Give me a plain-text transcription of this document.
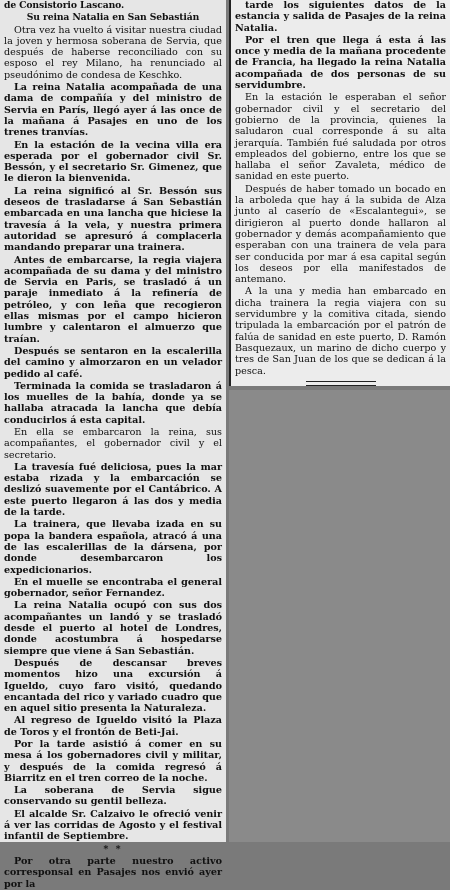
de Consistorio Lascano.
Su reina Natalia en San Sebastián

Otra vez ha vuelto á visitar nuestra ciudad la joven y hermosa soberana de Servia, que después de haberse reconciliado con su esposo el rey Milano, ha renunciado al pseudónimo de condesa de Keschko.

La reina Natalia acompañada de una dama de compañía y del ministro de Servia en París, llegó ayer á las once de la mañana á Pasajes en uno de los trenes tranvías.

En la estación de la vecina villa era esperada por el gobernador civil Sr. Bessón, y el secretario Sr. Gimenez, que le dieron la bienvenida.

La reina significó al Sr. Bessón sus deseos de trasladarse á San Sebastián embarcada en una lancha que hiciese la travesía á la vela, y nuestra primera autoridad se apresuró á complacerla mandando preparar una trainera.

Antes de embarcarse, la regia viajera acompañada de su dama y del ministro de Servia en Paris, se trasladó á un paraje inmediato á la refinería de petróleo, y con leña que recogieron ellas mismas por el campo hicieron lumbre y calentaron el almuerzo que traían.

Después se sentaron en la escalerilla del camino y almorzaron en un velador pedido al café.

Terminada la comida se trasladaron á los muelles de la bahía, donde ya se hallaba atracada la lancha que debía conducirlos á esta capital.

En ella se embarcaron la reina, sus acompañantes, el gobernador civil y el secretario.

La travesía fué deliciosa, pues la mar estaba rizada y la embarcación se deslizó suavemente por el Cantábrico. A este puerto llegaron á las dos y media de la tarde.

La trainera, que llevaba izada en su popa la bandera española, atracó á una de las escalerillas de la dársena, por donde desembarcaron los expedicionarios.

En el muelle se encontraba el general gobernador, señor Fernandez.

La reina Natalia ocupó con sus dos acompañantes un landó y se trasladó desde el puerto al hotel de Londres, donde acostumbra á hospedarse siempre que viene á San Sebastián.

Después de descansar breves momentos hizo una excursión á Igueldo, cuyo faro visitó, quedando encantada del rico y variado cuadro que en aquel sitio presenta la Naturaleza.

Al regreso de Igueldo visitó la Plaza de Toros y el frontón de Beti-Jai.

Por la tarde asistió á comer en su mesa á los gobernadores civil y militar, y después de la comida regresó á Biarritz en el tren correo de la noche.

La soberana de Servia sigue conservando su gentil belleza.

El alcalde Sr. Calzaivo le ofreció venir á ver las corridas de Agosto y el festival infantil de Septiembre.

* *

Por otra parte nuestro activo corresponsal en Pasajes nos envió ayer por la

tarde los siguientes datos de la estancia y salida de Pasajes de la reina Natalia.

Por el tren que llega á esta á las once y media de la mañana procedente de Francia, ha llegado la reina Natalia acompañada de dos personas de su servidumbre.

En la estación le esperaban el señor gobernador civil y el secretario del gobierno de la provincia, quienes la saludaron cual corresponde á su alta jerarquía. También fué saludada por otros empleados del gobierno, entre los que se hallaba el señor Zavaleta, médico de sanidad en este puerto.

Después de haber tomado un bocado en la arboleda que hay á la subida de Alza junto al caserío de «Escalantegui», se dirigieron al puerto donde hallaron al gobernador y demás acompañamiento que esperaban con una trainera de vela para ser conducida por mar á esa capital según los deseos por ella manifestados de antemano.

A la una y media han embarcado en dicha trainera la regia viajera con su servidumbre y la comitiva citada, siendo tripulada la embarcación por el patrón de falúa de sanidad en este puerto, D. Ramón Basquezaux, un marino de dicho cuerpo y tres de San Juan de los que se dedican á la pesca.
